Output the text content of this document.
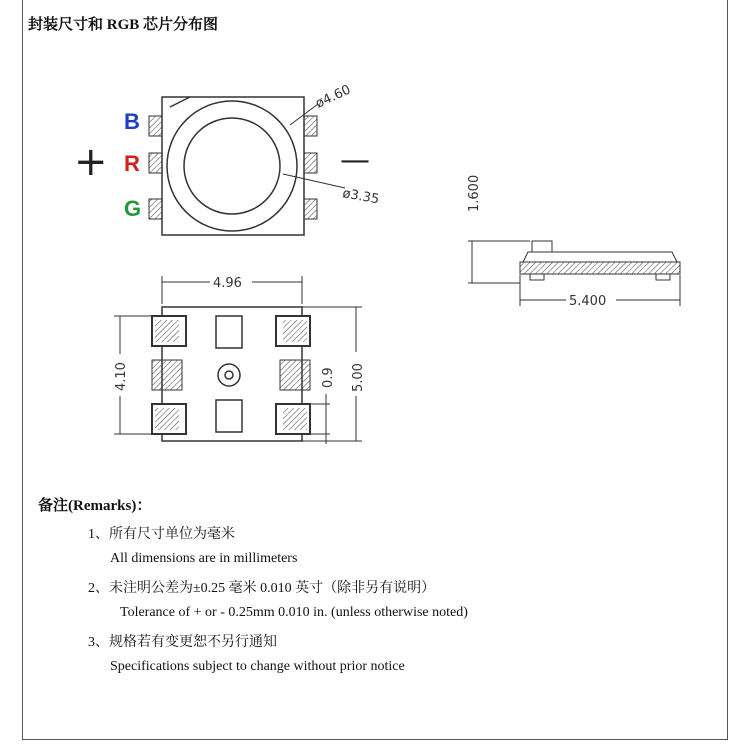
封装尺寸和 RGB 芯片分布图
ø4.60
ø3.35
B
R
G
+	—
1.600
5.400
4.96
4.10	0.9 5.00
备注(Remarks)：
1、所有尺寸单位为毫米
All dimensions are in millimeters
2、未注明公差为±0.25 毫米 0.010 英寸（除非另有说明）
Tolerance of + or - 0.25mm 0.010 in. (unless otherwise noted)
3、规格若有变更恕不另行通知
Specifications subject to change without prior notice
